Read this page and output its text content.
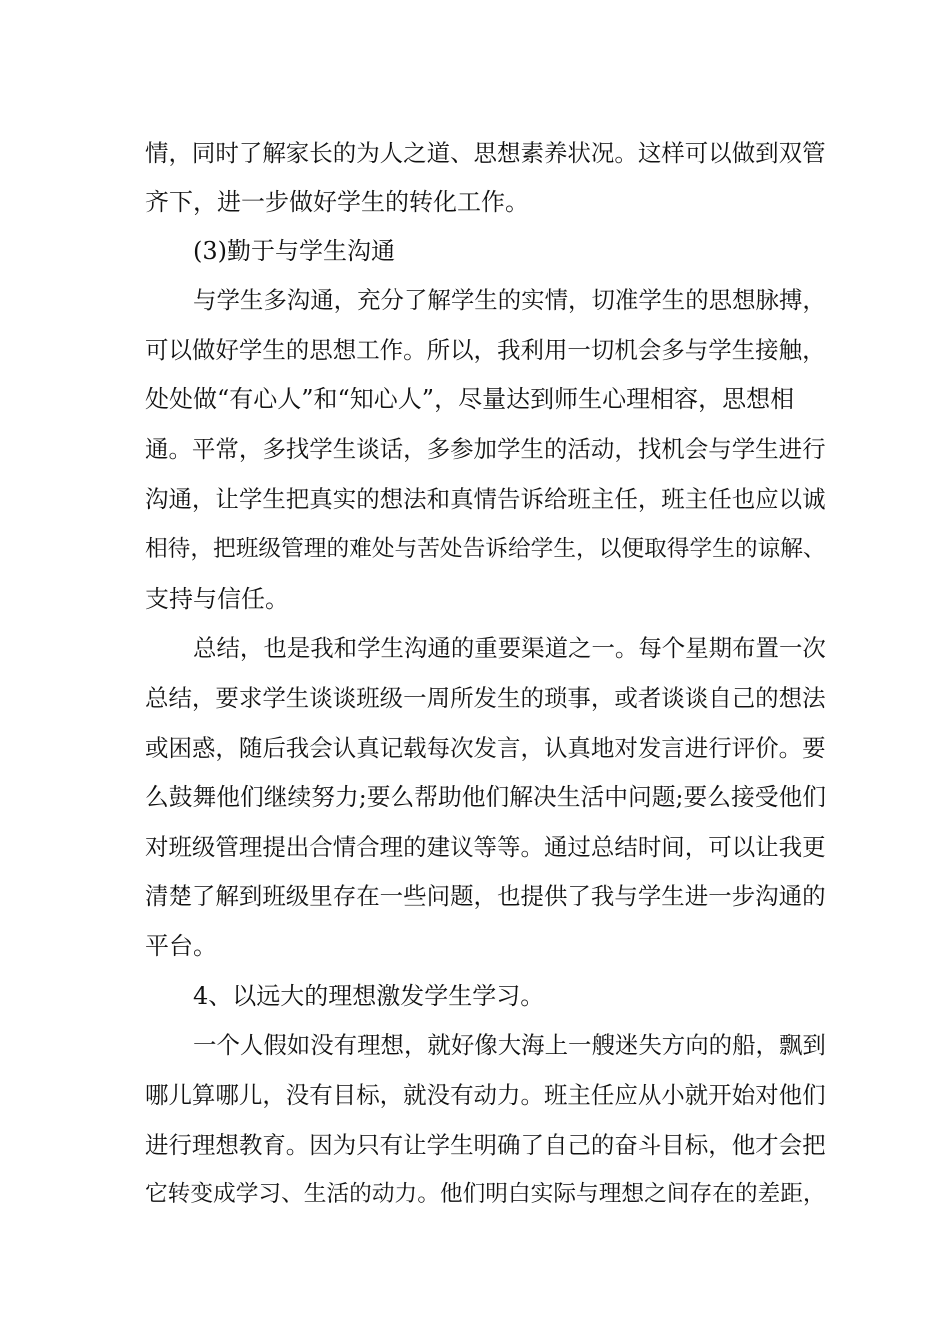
情，同时了解家长的为人之道、思想素养状况。这样可以做到双管
齐下，进一步做好学生的转化工作。
(3)勤于与学生沟通
与学生多沟通，充分了解学生的实情，切准学生的思想脉搏，
可以做好学生的思想工作。所以，我利用一切机会多与学生接触，
处处做“有心人”和“知心人”，尽量达到师生心理相容，思想相
通。平常，多找学生谈话，多参加学生的活动，找机会与学生进行
沟通，让学生把真实的想法和真情告诉给班主任，班主任也应以诚
相待，把班级管理的难处与苦处告诉给学生，以便取得学生的谅解、
支持与信任。
总结，也是我和学生沟通的重要渠道之一。每个星期布置一次
总结，要求学生谈谈班级一周所发生的琐事，或者谈谈自己的想法
或困惑，随后我会认真记载每次发言，认真地对发言进行评价。要
么鼓舞他们继续努力;要么帮助他们解决生活中问题;要么接受他们
对班级管理提出合情合理的建议等等。通过总结时间，可以让我更
清楚了解到班级里存在一些问题，也提供了我与学生进一步沟通的
平台。
4、以远大的理想激发学生学习。
一个人假如没有理想，就好像大海上一艘迷失方向的船，飘到
哪儿算哪儿，没有目标，就没有动力。班主任应从小就开始对他们
进行理想教育。因为只有让学生明确了自己的奋斗目标，他才会把
它转变成学习、生活的动力。他们明白实际与理想之间存在的差距，
